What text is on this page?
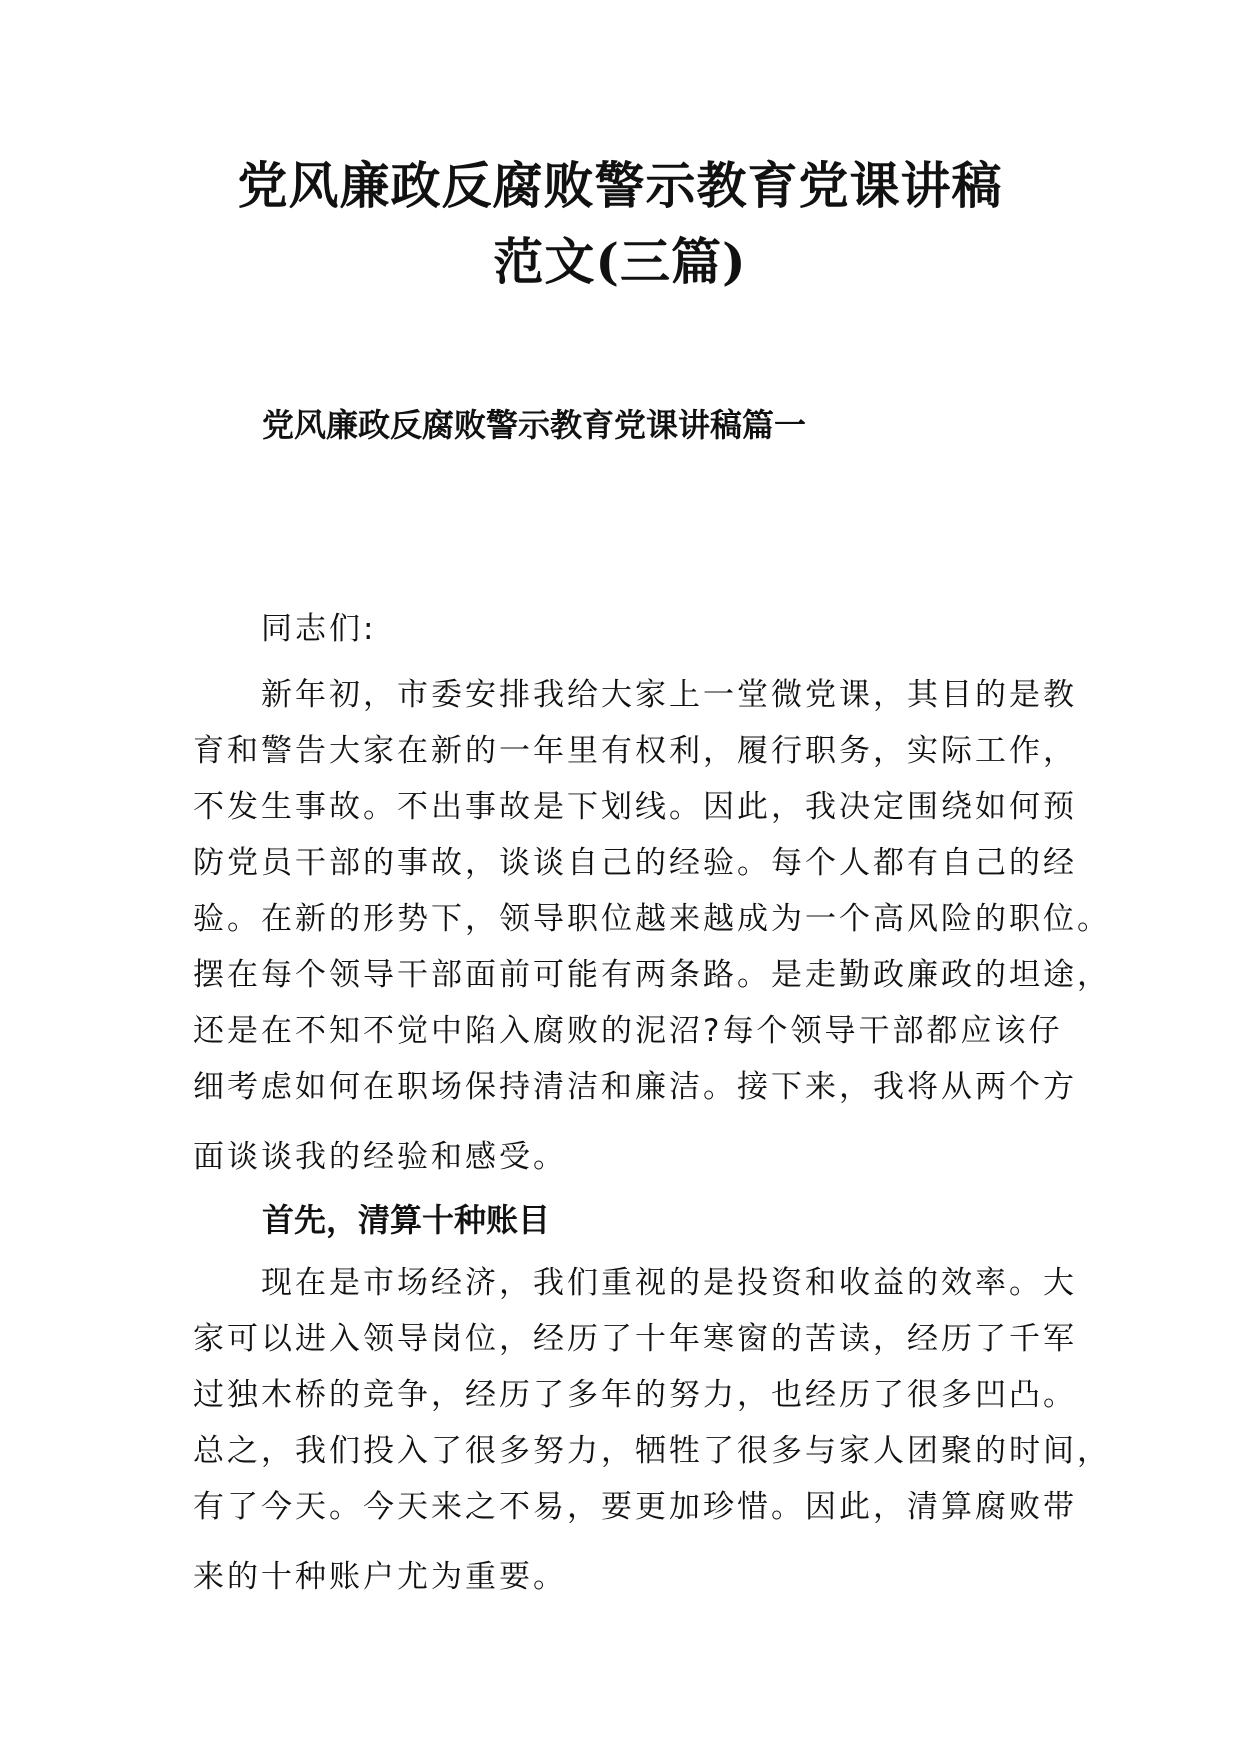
党风廉政反腐败警示教育党课讲稿
范文(三篇)
党风廉政反腐败警示教育党课讲稿篇一

同志们:

新年初，市委安排我给大家上一堂微党课，其目的是教
育和警告大家在新的一年里有权利，履行职务，实际工作，
不发生事故。不出事故是下划线。因此，我决定围绕如何预
防党员干部的事故，谈谈自己的经验。每个人都有自己的经
验。在新的形势下，领导职位越来越成为一个高风险的职位。
摆在每个领导干部面前可能有两条路。是走勤政廉政的坦途，
还是在不知不觉中陷入腐败的泥沼?每个领导干部都应该仔
细考虑如何在职场保持清洁和廉洁。接下来，我将从两个方
面谈谈我的经验和感受。
首先，清算十种账目
现在是市场经济，我们重视的是投资和收益的效率。大
家可以进入领导岗位，经历了十年寒窗的苦读，经历了千军
过独木桥的竞争，经历了多年的努力，也经历了很多凹凸。
总之，我们投入了很多努力，牺牲了很多与家人团聚的时间，
有了今天。今天来之不易，要更加珍惜。因此，清算腐败带
来的十种账户尤为重要。
